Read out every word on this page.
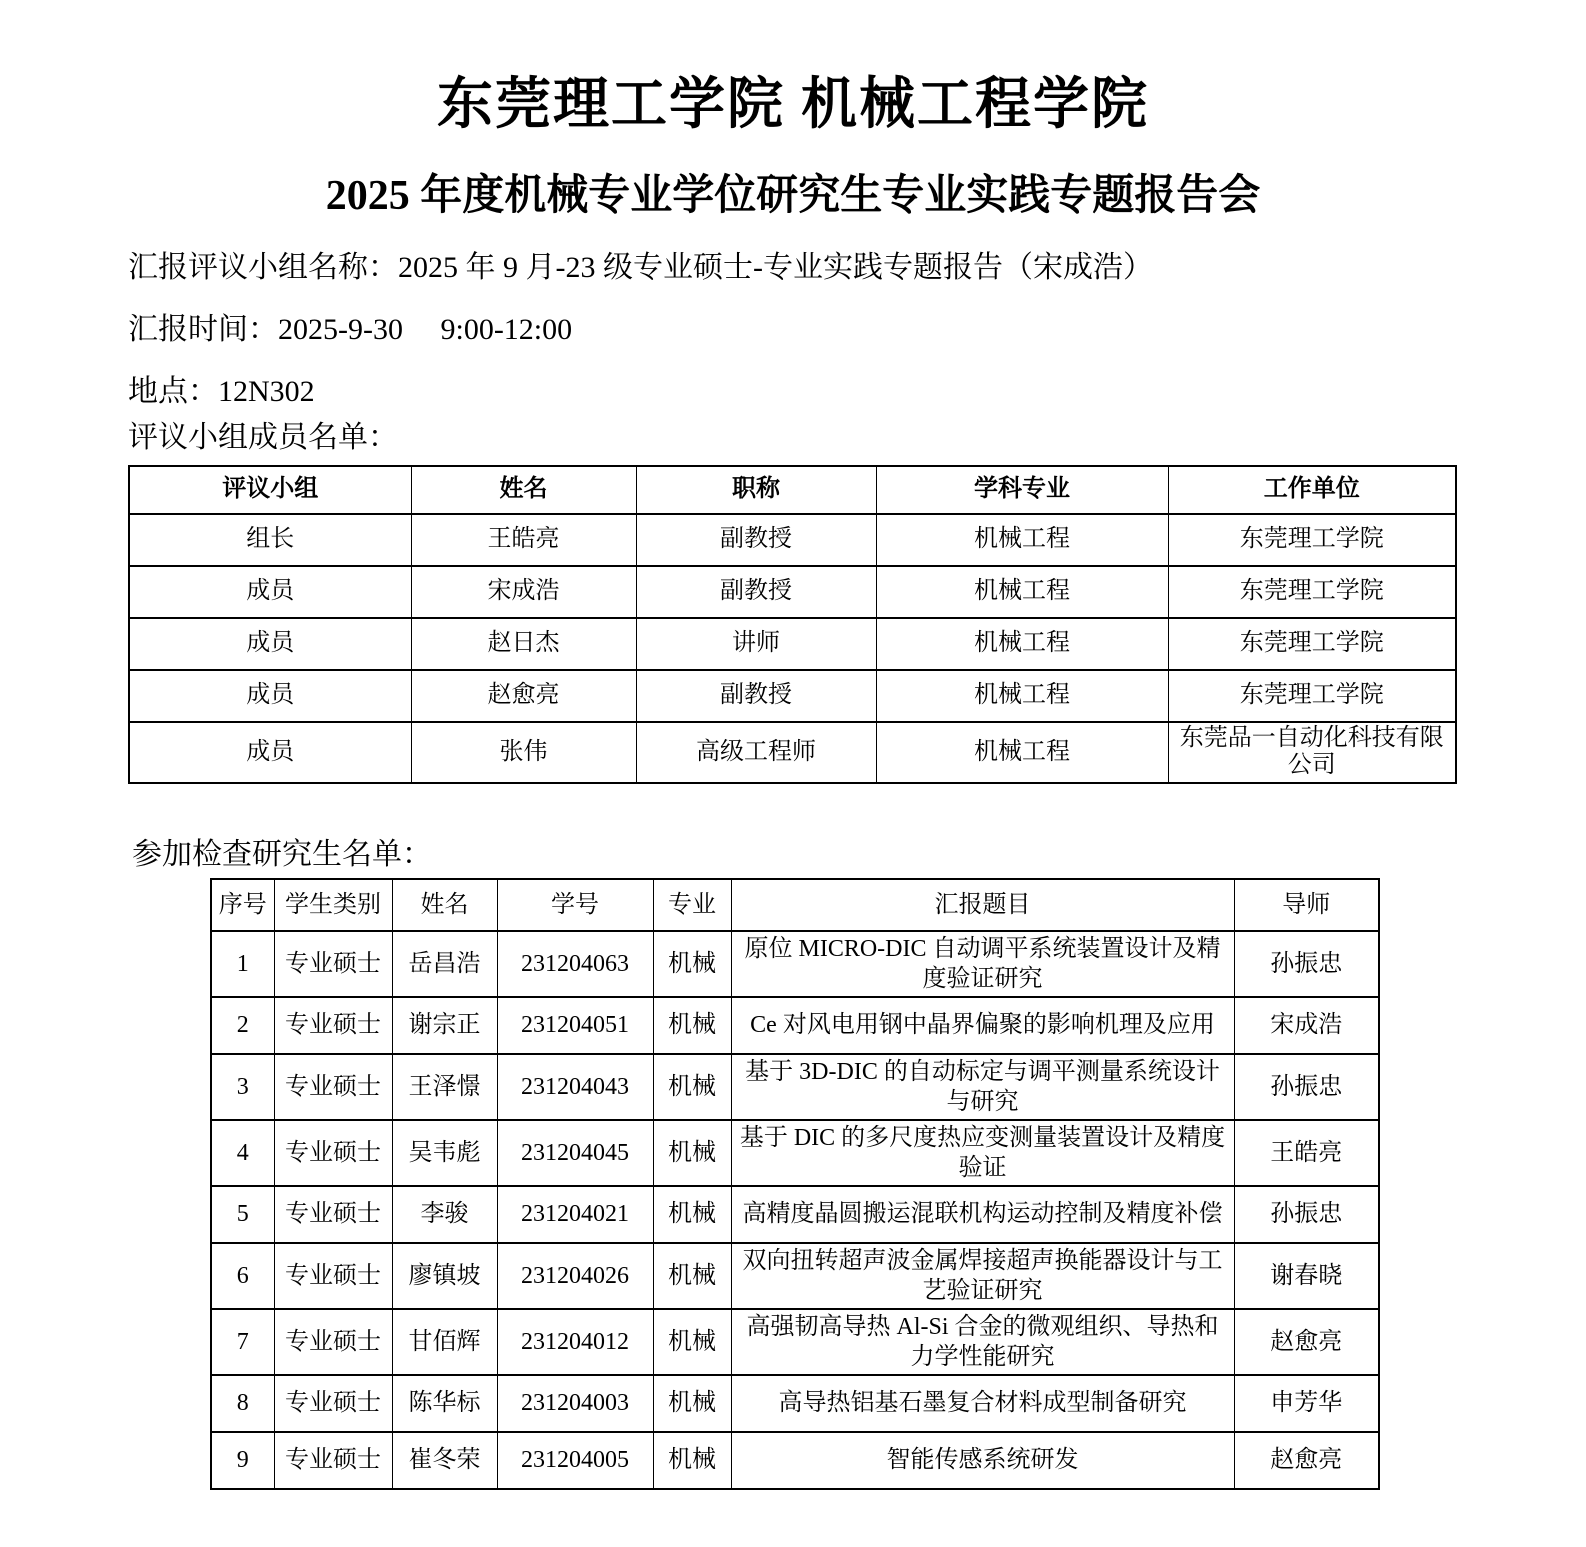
东莞理工学院 机械工程学院
2025 年度机械专业学位研究生专业实践专题报告会

汇报评议小组名称：2025 年 9 月-23 级专业硕士-专业实践专题报告（宋成浩）

汇报时间：2025-9-30　 9:00-12:00

地点：12N302

评议小组成员名单：

评议小组	姓名	职称	学科专业	工作单位
组长	王皓亮	副教授	机械工程	东莞理工学院
成员	宋成浩	副教授	机械工程	东莞理工学院
成员	赵日杰	讲师	机械工程	东莞理工学院
成员	赵愈亮	副教授	机械工程	东莞理工学院
成员	张伟	高级工程师	机械工程	东莞品一自动化科技有限公司

参加检查研究生名单：

序号	学生类别	姓名	学号	专业	汇报题目	导师
1	专业硕士	岳昌浩	231204063	机械	原位 MICRO-DIC 自动调平系统装置设计及精度验证研究	孙振忠
2	专业硕士	谢宗正	231204051	机械	Ce 对风电用钢中晶界偏聚的影响机理及应用	宋成浩
3	专业硕士	王泽憬	231204043	机械	基于 3D-DIC 的自动标定与调平测量系统设计与研究	孙振忠
4	专业硕士	吴韦彪	231204045	机械	基于 DIC 的多尺度热应变测量装置设计及精度验证	王皓亮
5	专业硕士	李骏	231204021	机械	高精度晶圆搬运混联机构运动控制及精度补偿	孙振忠
6	专业硕士	廖镇坡	231204026	机械	双向扭转超声波金属焊接超声换能器设计与工艺验证研究	谢春晓
7	专业硕士	甘佰辉	231204012	机械	高强韧高导热 Al-Si 合金的微观组织、导热和力学性能研究	赵愈亮
8	专业硕士	陈华标	231204003	机械	高导热铝基石墨复合材料成型制备研究	申芳华
9	专业硕士	崔冬荣	231204005	机械	智能传感系统研发	赵愈亮
